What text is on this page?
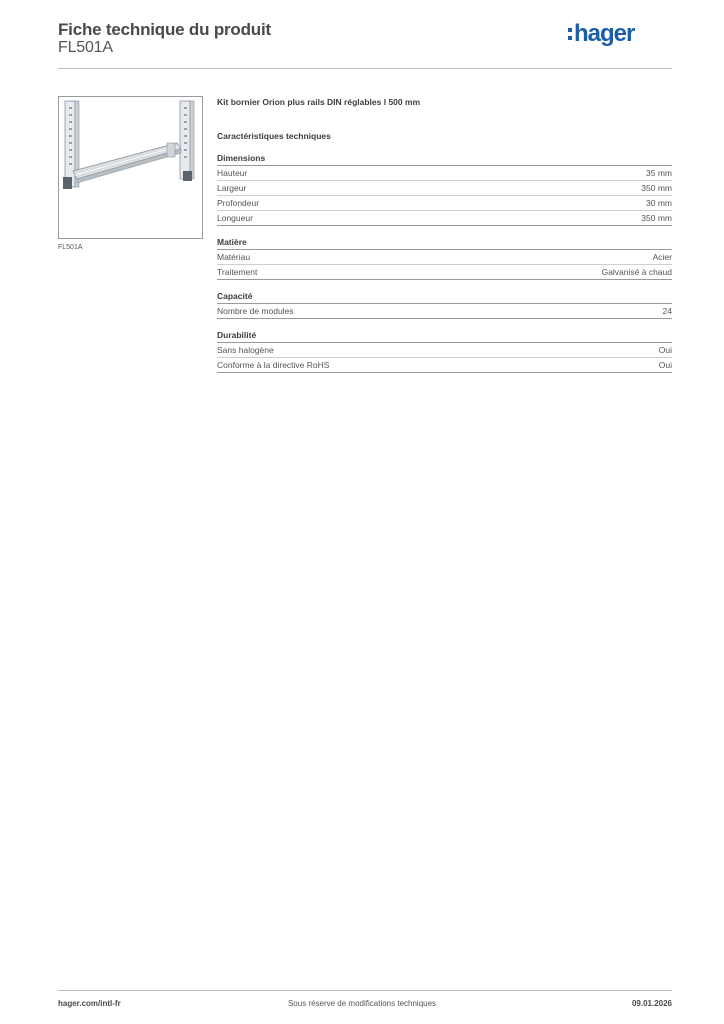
Fiche technique du produit
FL501A
hager
FL501A
Kit bornier Orion plus rails DIN réglables l 500 mm
Caractéristiques techniques
Dimensions
Hauteur	35 mm
Largeur	350 mm
Profondeur	30 mm
Longueur	350 mm
Matière
Matériau	Acier
Traitement	Galvanisé à chaud
Capacité
Nombre de modules	24
Durabilité
Sans halogène	Oui
Conforme à la directive RoHS	Oui
hager.com/intl-fr	Sous réserve de modifications techniques	09.01.2026
